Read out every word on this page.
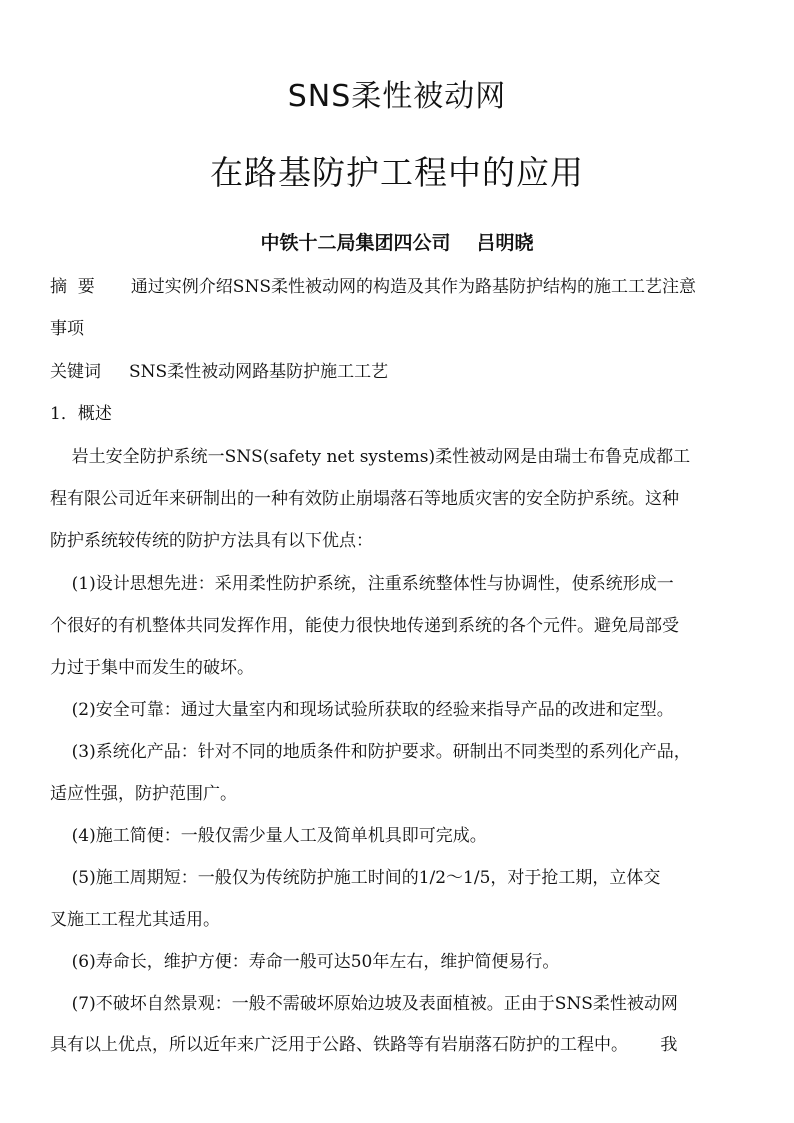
SNS柔性被动网
在路基防护工程中的应用
中铁十二局集团四公司 吕明晓
摘  要 通过实例介绍SNS柔性被动网的构造及其作为路基防护结构的施工工艺注意
事项
关键词 SNS柔性被动网路基防护施工工艺
1．概述
岩土安全防护系统一SNS(safety net systems)柔性被动网是由瑞士布鲁克成都工
程有限公司近年来研制出的一种有效防止崩塌落石等地质灾害的安全防护系统。这种
防护系统较传统的防护方法具有以下优点：
(1)设计思想先进：采用柔性防护系统，注重系统整体性与协调性，使系统形成一
个很好的有机整体共同发挥作用，能使力很快地传递到系统的各个元件。避免局部受
力过于集中而发生的破坏。
(2)安全可靠：通过大量室内和现场试验所获取的经验来指导产品的改进和定型。
(3)系统化产品：针对不同的地质条件和防护要求。研制出不同类型的系列化产品，
适应性强，防护范围广。
(4)施工简便：一般仅需少量人工及简单机具即可完成。
(5)施工周期短：一般仅为传统防护施工时间的1/2～1/5，对于抢工期，立体交
叉施工工程尤其适用。
(6)寿命长，维护方便：寿命一般可达50年左右，维护简便易行。
(7)不破坏自然景观：一般不需破坏原始边坡及表面植被。正由于SNS柔性被动网
具有以上优点，所以近年来广泛用于公路、铁路等有岩崩落石防护的工程中。      我
